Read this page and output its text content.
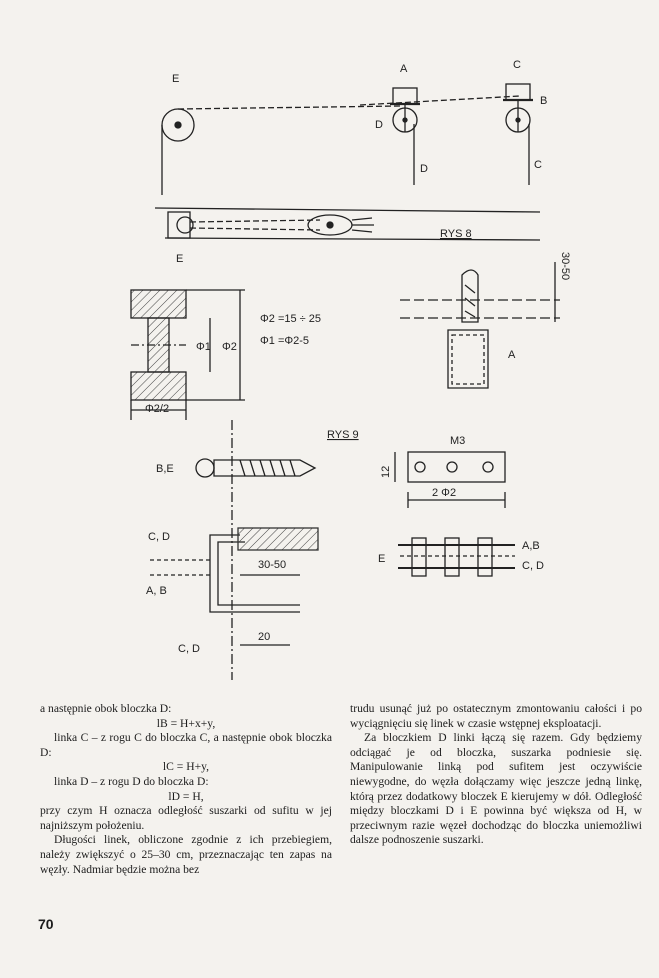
E
A	C
B
D
D	C
E
RYS 8
30-50
Φ2 =15 ÷ 25
Φ1 =Φ2-5
Φ1 Φ2
Φ2/2
A
B,E
RYS 9	M3
12
2 Φ2
C, D
A, B
30-50
20
C, D
E
A,B
C, D

a następnie obok bloczka D:

lB = H+x+y,

linka C – z rogu C do bloczka C, a następnie obok bloczka D:

lC = H+y,

linka D – z rogu D do bloczka D:

lD = H,

przy czym H oznacza odległość suszarki od sufitu w jej najniższym położeniu.

Długości linek, obliczone zgodnie z ich przebiegiem, należy zwiększyć o 25–30 cm, przeznaczając ten zapas na węzły. Nadmiar będzie można bez

trudu usunąć już po ostatecznym zmontowaniu całości i po wyciągnięciu się linek w czasie wstępnej eksploatacji.

Za bloczkiem D linki łączą się razem. Gdy będziemy odciągać je od bloczka, suszarka podniesie się. Manipulowanie linką pod sufitem jest oczywiście niewygodne, do węzła dołączamy więc jeszcze jedną linkę, którą przez dodatkowy bloczek E kierujemy w dół. Odległość między bloczkami D i E powinna być większa od H, w przeciwnym razie węzeł dochodząc do bloczka uniemożliwi dalsze podnoszenie suszarki.

70
